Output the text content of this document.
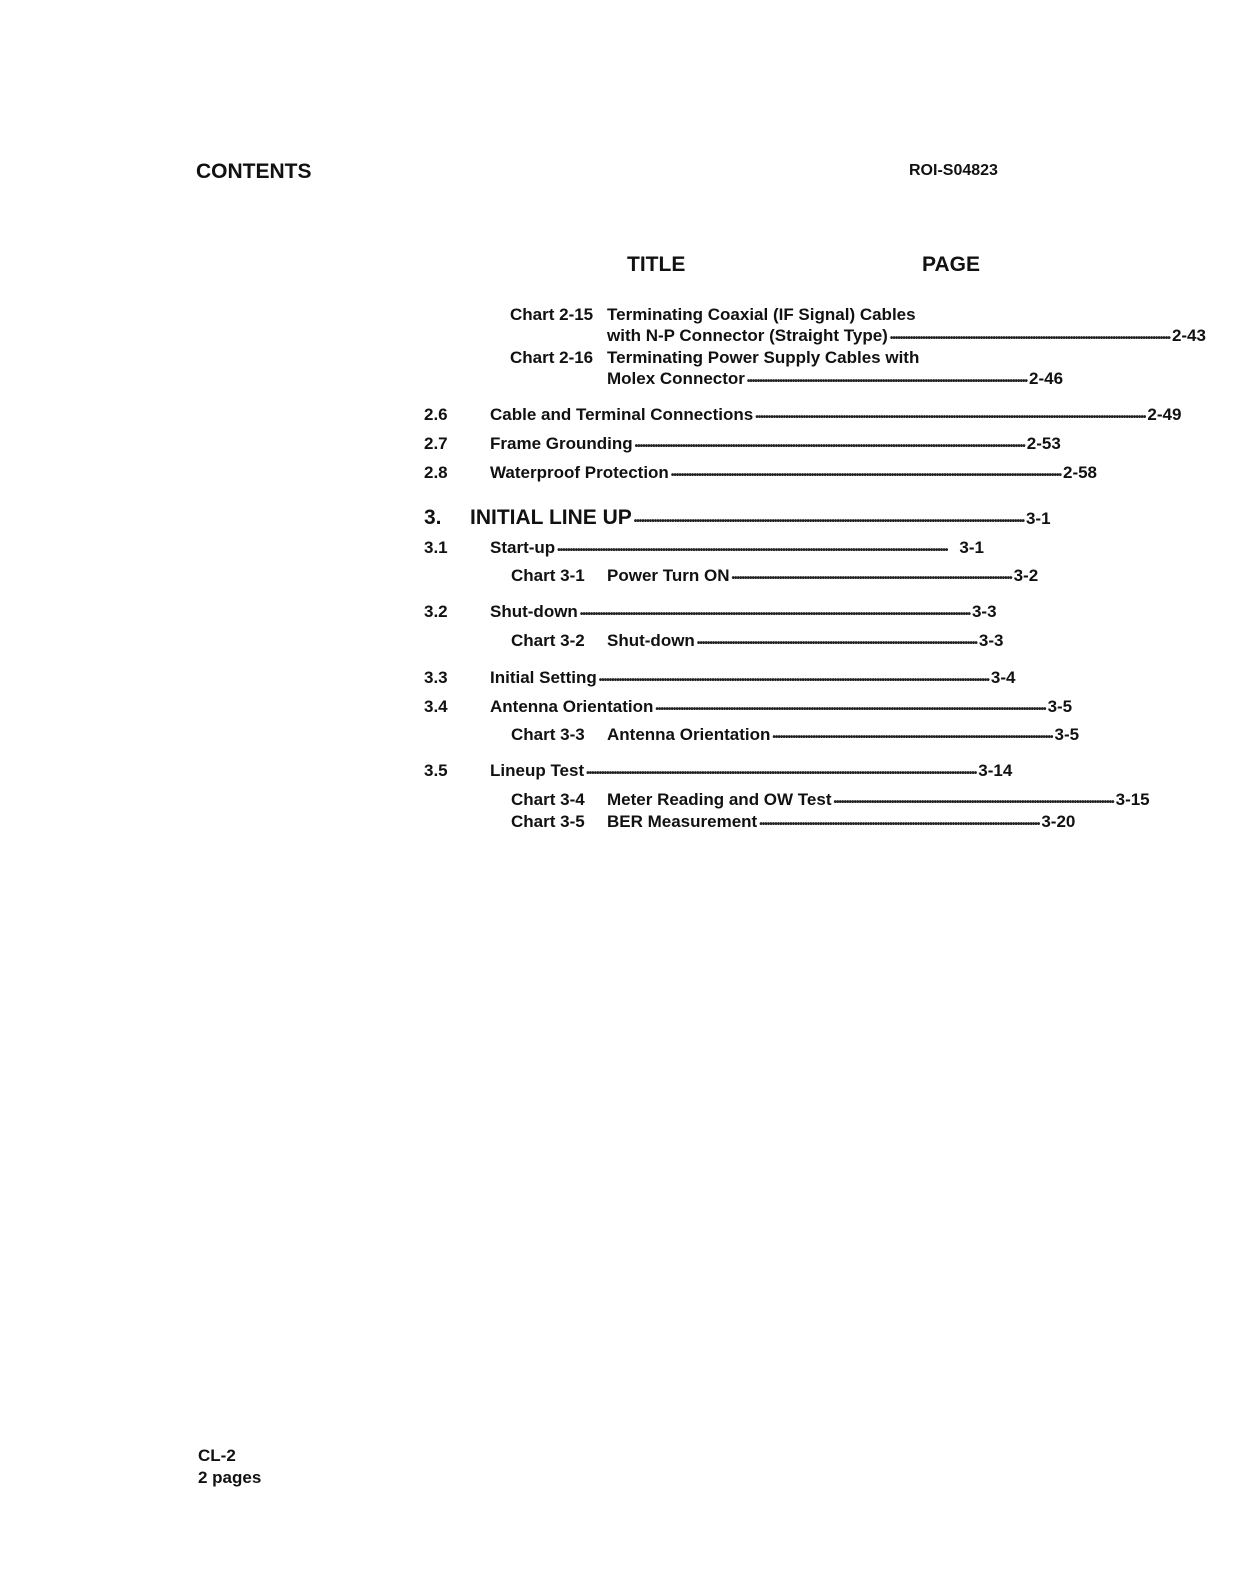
CONTENTS	ROI-S04823
TITLE	PAGE
Chart 2-15 Terminating Coaxial (IF Signal) Cables
with N-P Connector (Straight Type) •••••••••••••••••••••••••••••••••••••••••••••••••••••••••••••••••••••••••••••••••••••••••••••••••••••••••••••••• 2-43
Chart 2-16 Terminating Power Supply Cables with
Molex Connector •••••••••••••••••••••••••••••••••••••••••••••••••••••••••••••••••••••••••••••••••••••••••••••••••••••••••••••••• 2-46
2.6 Cable and Terminal Connections •••••••••••••••••••••••••••••••••••••••••••••••••••••••••••••••••••••••••••••••••••••••••••••••••••••••••••••••••••••••••••••••••••••••••••••••••••••••••••• 2-49
2.7 Frame Grounding •••••••••••••••••••••••••••••••••••••••••••••••••••••••••••••••••••••••••••••••••••••••••••••••••••••••••••••••••••••••••••••••••••••••••••••••••••••••••••• 2-53
2.8 Waterproof Protection •••••••••••••••••••••••••••••••••••••••••••••••••••••••••••••••••••••••••••••••••••••••••••••••••••••••••••••••••••••••••••••••••••••••••••••••••••••••••••• 2-58
3. INITIAL LINE UP •••••••••••••••••••••••••••••••••••••••••••••••••••••••••••••••••••••••••••••••••••••••••••••••••••••••••••••••••••••••••••••••••••••••••••••••••••••••••••• 3-1
3.1 Start-up •••••••••••••••••••••••••••••••••••••••••••••••••••••••••••••••••••••••••••••••••••••••••••••••••••••••••••••••••••••••••••••••••••••••••••••••••••••••••••• 3-1
Chart 3-1 Power Turn ON •••••••••••••••••••••••••••••••••••••••••••••••••••••••••••••••••••••••••••••••••••••••••••••••••••••••••••••••• 3-2
3.2 Shut-down •••••••••••••••••••••••••••••••••••••••••••••••••••••••••••••••••••••••••••••••••••••••••••••••••••••••••••••••••••••••••••••••••••••••••••••••••••••••••••• 3-3
Chart 3-2 Shut-down •••••••••••••••••••••••••••••••••••••••••••••••••••••••••••••••••••••••••••••••••••••••••••••••••••••••••••••••• 3-3
3.3 Initial Setting •••••••••••••••••••••••••••••••••••••••••••••••••••••••••••••••••••••••••••••••••••••••••••••••••••••••••••••••••••••••••••••••••••••••••••••••••••••••••••• 3-4
3.4 Antenna Orientation •••••••••••••••••••••••••••••••••••••••••••••••••••••••••••••••••••••••••••••••••••••••••••••••••••••••••••••••••••••••••••••••••••••••••••••••••••••••••••• 3-5
Chart 3-3 Antenna Orientation •••••••••••••••••••••••••••••••••••••••••••••••••••••••••••••••••••••••••••••••••••••••••••••••••••••••••••••••• 3-5
3.5 Lineup Test •••••••••••••••••••••••••••••••••••••••••••••••••••••••••••••••••••••••••••••••••••••••••••••••••••••••••••••••••••••••••••••••••••••••••••••••••••••••••••• 3-14
Chart 3-4 Meter Reading and OW Test •••••••••••••••••••••••••••••••••••••••••••••••••••••••••••••••••••••••••••••••••••••••••••••••••••••••••••••••• 3-15
Chart 3-5 BER Measurement •••••••••••••••••••••••••••••••••••••••••••••••••••••••••••••••••••••••••••••••••••••••••••••••••••••••••••••••• 3-20
CL-2
2 pages
